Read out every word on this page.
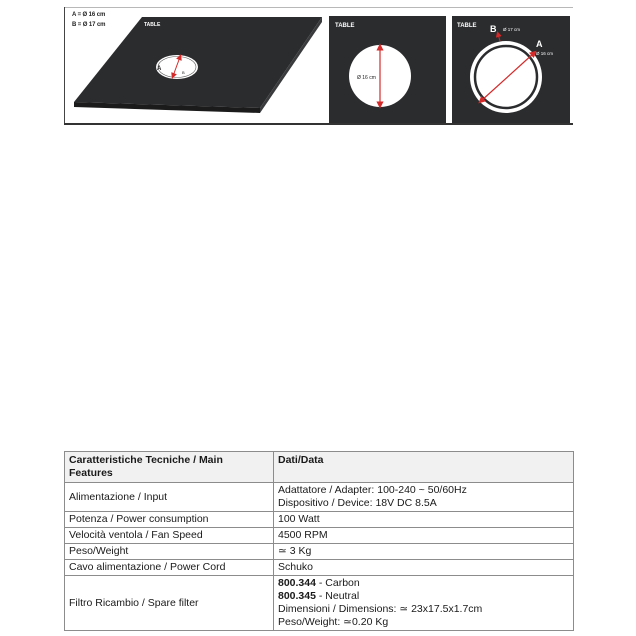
A = Ø 16 cm
B = Ø 17 cm	TABLE
A
B
TABLE
Ø 16 cm
TABLE B Ø 17 cm
A
Ø 16 cm
Caratteristiche Tecniche / Main Features	Dati/Data
Alimentazione / Input	Adattatore / Adapter: 100-240 ~ 50/60Hz
Dispositivo / Device: 18V DC 8.5A

Potenza / Power consumption	100 Watt
Velocità ventola / Fan Speed	4500 RPM
Peso/Weight	≃ 3 Kg
Cavo alimentazione / Power Cord	Schuko
Filtro Ricambio / Spare filter	800.344 - Carbon
800.345 - Neutral
Dimensioni / Dimensions: ≃ 23x17.5x1.7cm
Peso/Weight: ≃0.20 Kg
